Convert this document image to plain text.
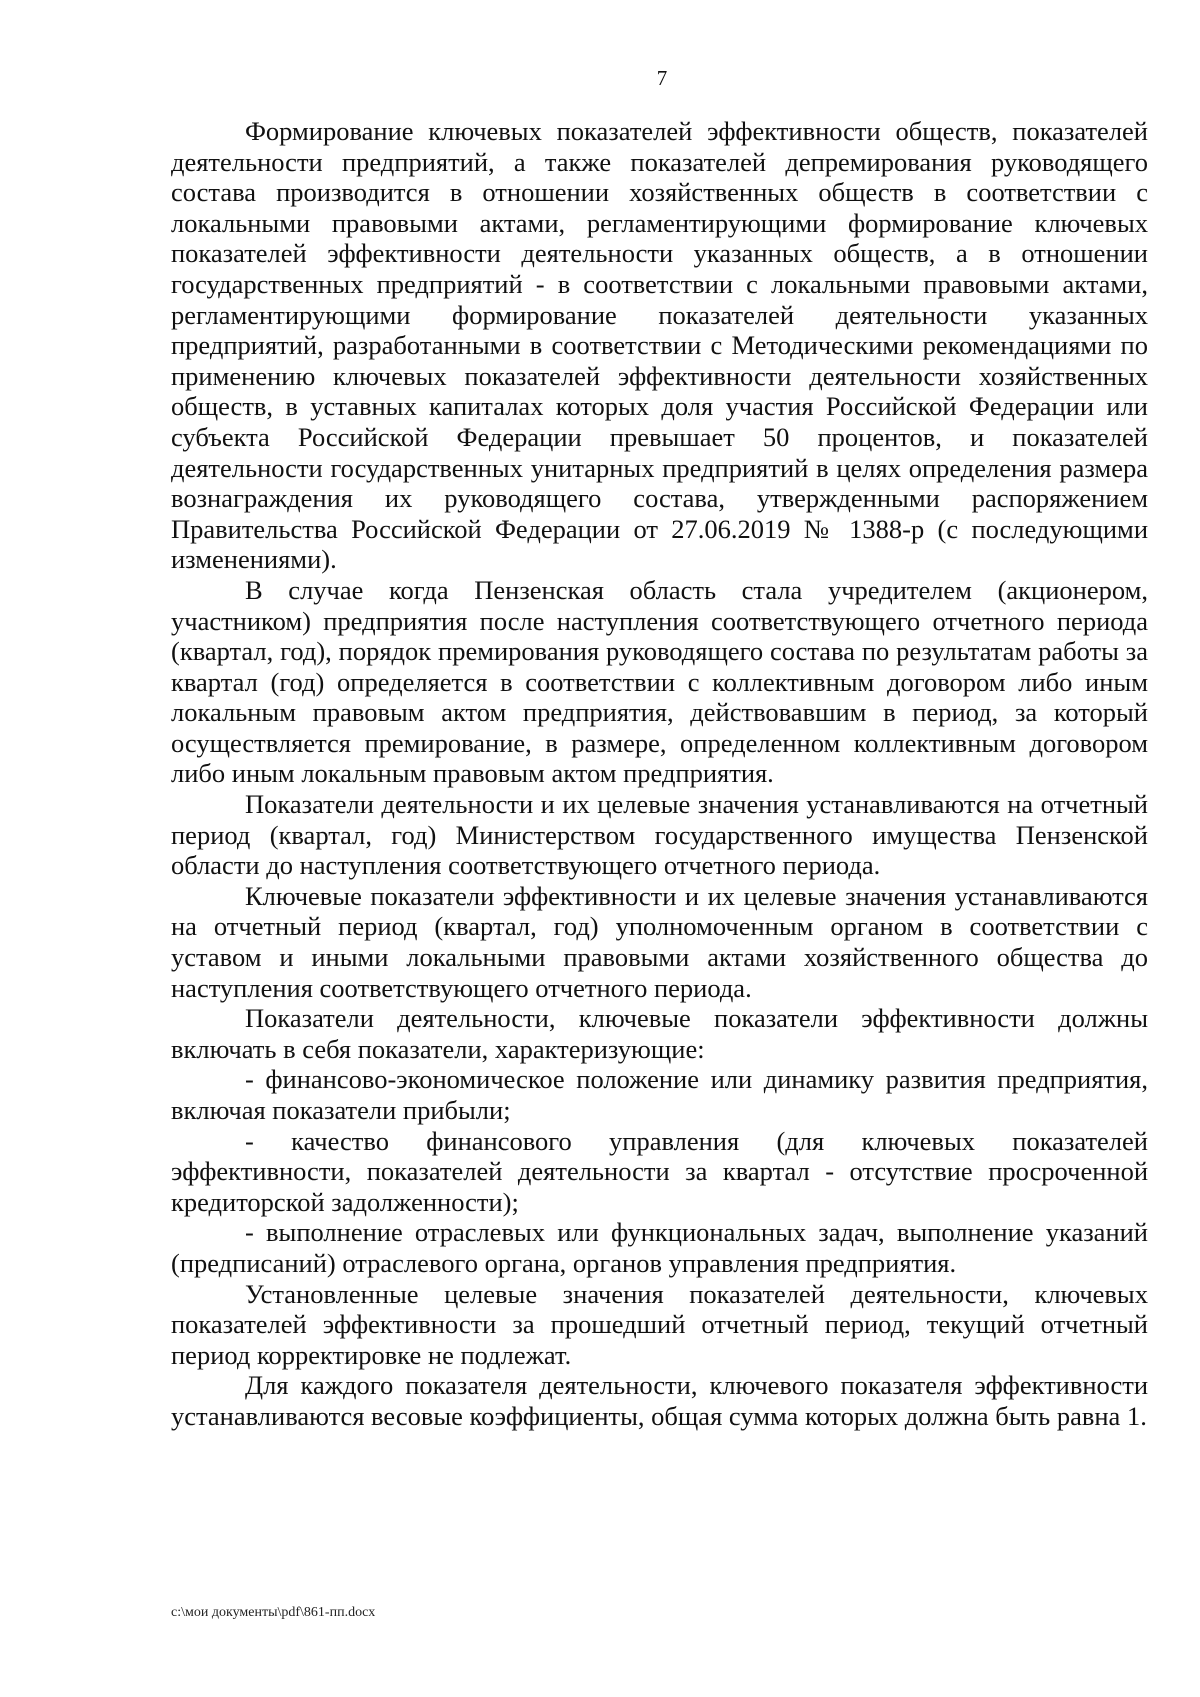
7

Формирование ключевых показателей эффективности обществ, показателей деятельности предприятий, а также показателей депремирования руководящего состава производится в отношении хозяйственных обществ в соответствии с локальными правовыми актами, регламентирующими формирование ключевых показателей эффективности деятельности указанных обществ, а в отношении государственных предприятий - в соответствии с локальными правовыми актами, регламентирующими формирование показателей деятельности указанных предприятий, разработанными в соответствии с Методическими рекомендациями по применению ключевых показателей эффективности деятельности хозяйственных обществ, в уставных капиталах которых доля участия Российской Федерации или субъекта Российской Федерации превышает 50 процентов, и показателей деятельности государственных унитарных предприятий в целях определения размера вознаграждения их руководящего состава, утвержденными распоряжением Правительства Российской Федерации от 27.06.2019 № 1388-р (с последующими изменениями).

В случае когда Пензенская область стала учредителем (акционером, участником) предприятия после наступления соответствующего отчетного периода (квартал, год), порядок премирования руководящего состава по результатам работы за квартал (год) определяется в соответствии с коллективным договором либо иным локальным правовым актом предприятия, действовавшим в период, за который осуществляется премирование, в размере, определенном коллективным договором либо иным локальным правовым актом предприятия.

Показатели деятельности и их целевые значения устанавливаются на отчетный период (квартал, год) Министерством государственного имущества Пензенской области до наступления соответствующего отчетного периода.

Ключевые показатели эффективности и их целевые значения устанавливаются на отчетный период (квартал, год) уполномоченным органом в соответствии с уставом и иными локальными правовыми актами хозяйственного общества до наступления соответствующего отчетного периода.

Показатели деятельности, ключевые показатели эффективности должны включать в себя показатели, характеризующие:

- финансово-экономическое положение или динамику развития предприятия, включая показатели прибыли;

- качество финансового управления (для ключевых показателей эффективности, показателей деятельности за квартал - отсутствие просроченной кредиторской задолженности);

- выполнение отраслевых или функциональных задач, выполнение указаний (предписаний) отраслевого органа, органов управления предприятия.

Установленные целевые значения показателей деятельности, ключевых показателей эффективности за прошедший отчетный период, текущий отчетный период корректировке не подлежат.

Для каждого показателя деятельности, ключевого показателя эффективности устанавливаются весовые коэффициенты, общая сумма которых должна быть равна 1.

c:\мои документы\pdf\861-пп.docx
